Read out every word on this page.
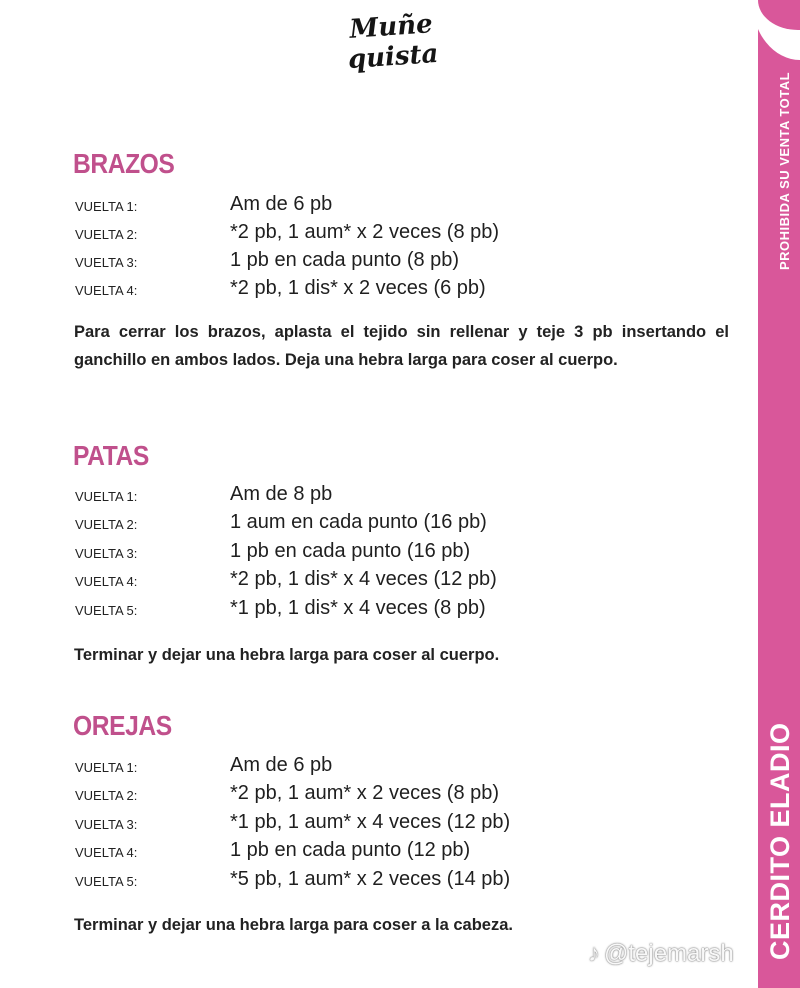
Muñe
quista
PROHIBIDA SU VENTA TOTAL
CERDITO ELADIO
BRAZOS
VUELTA 1:	Am de 6 pb
VUELTA 2:	*2 pb, 1 aum* x 2 veces (8 pb)
VUELTA 3:	1 pb en cada punto (8 pb)
VUELTA 4:	*2 pb, 1 dis* x 2 veces (6 pb)

Para cerrar los brazos, aplasta el tejido sin rellenar y teje 3 pb insertando el ganchillo en ambos lados. Deja una hebra larga para coser al cuerpo.

PATAS
VUELTA 1:	Am de 8 pb
VUELTA 2:	1 aum en cada punto (16 pb)
VUELTA 3:	1 pb en cada punto (16 pb)
VUELTA 4:	*2 pb, 1 dis* x 4 veces (12 pb)
VUELTA 5:	*1 pb, 1 dis* x 4 veces (8 pb)

Terminar y dejar una hebra larga para coser al cuerpo.

OREJAS
VUELTA 1:	Am de 6 pb
VUELTA 2:	*2 pb, 1 aum* x 2 veces (8 pb)
VUELTA 3:	*1 pb, 1 aum* x 4 veces (12 pb)
VUELTA 4:	1 pb en cada punto (12 pb)
VUELTA 5:	*5 pb, 1 aum* x 2 veces (14 pb)

Terminar y dejar una hebra larga para coser a la cabeza.

♪ @tejemarsh
